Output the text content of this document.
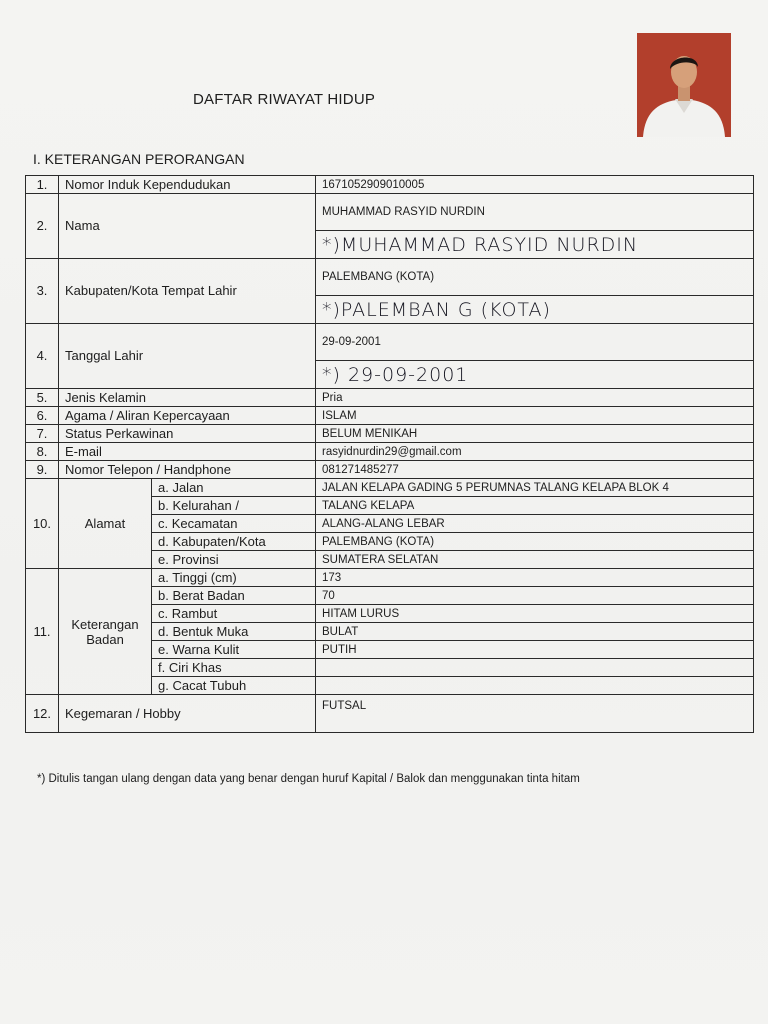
DAFTAR RIWAYAT HIDUP
I. KETERANGAN PERORANGAN
1.	Nomor Induk Kependudukan		1671052909010005
2.	Nama		MUHAMMAD RASYID NURDIN
*)MUHAMMAD RASYID NURDIN

3.	Kabupaten/Kota Tempat Lahir		PALEMBANG (KOTA)
*)PALEMBAN G (KOTA)

4.	Tanggal Lahir		29-09-2001
*) 29-09-2001

5.	Jenis Kelamin		Pria
6.	Agama / Aliran Kepercayaan		ISLAM
7.	Status Perkawinan		BELUM MENIKAH
8.	E-mail		rasyidnurdin29@gmail.com
9.	Nomor Telepon / Handphone		081271485277
10.	Alamat	a. Jalan	JALAN KELAPA GADING 5 PERUMNAS TALANG KELAPA BLOK 4
		b. Kelurahan /	TALANG KELAPA
		c. Kecamatan	ALANG-ALANG LEBAR
		d. Kabupaten/Kota	PALEMBANG (KOTA)
		e. Provinsi	SUMATERA SELATAN
11.	Keterangan Badan	a. Tinggi (cm)	173
		b. Berat Badan	70
		c. Rambut	HITAM LURUS
		d. Bentuk Muka	BULAT
		e. Warna Kulit	PUTIH
		f. Ciri Khas	
		g. Cacat Tubuh	
12.	Kegemaran / Hobby		FUTSAL
*) Ditulis tangan ulang dengan data yang benar dengan huruf Kapital / Balok dan menggunakan tinta hitam
